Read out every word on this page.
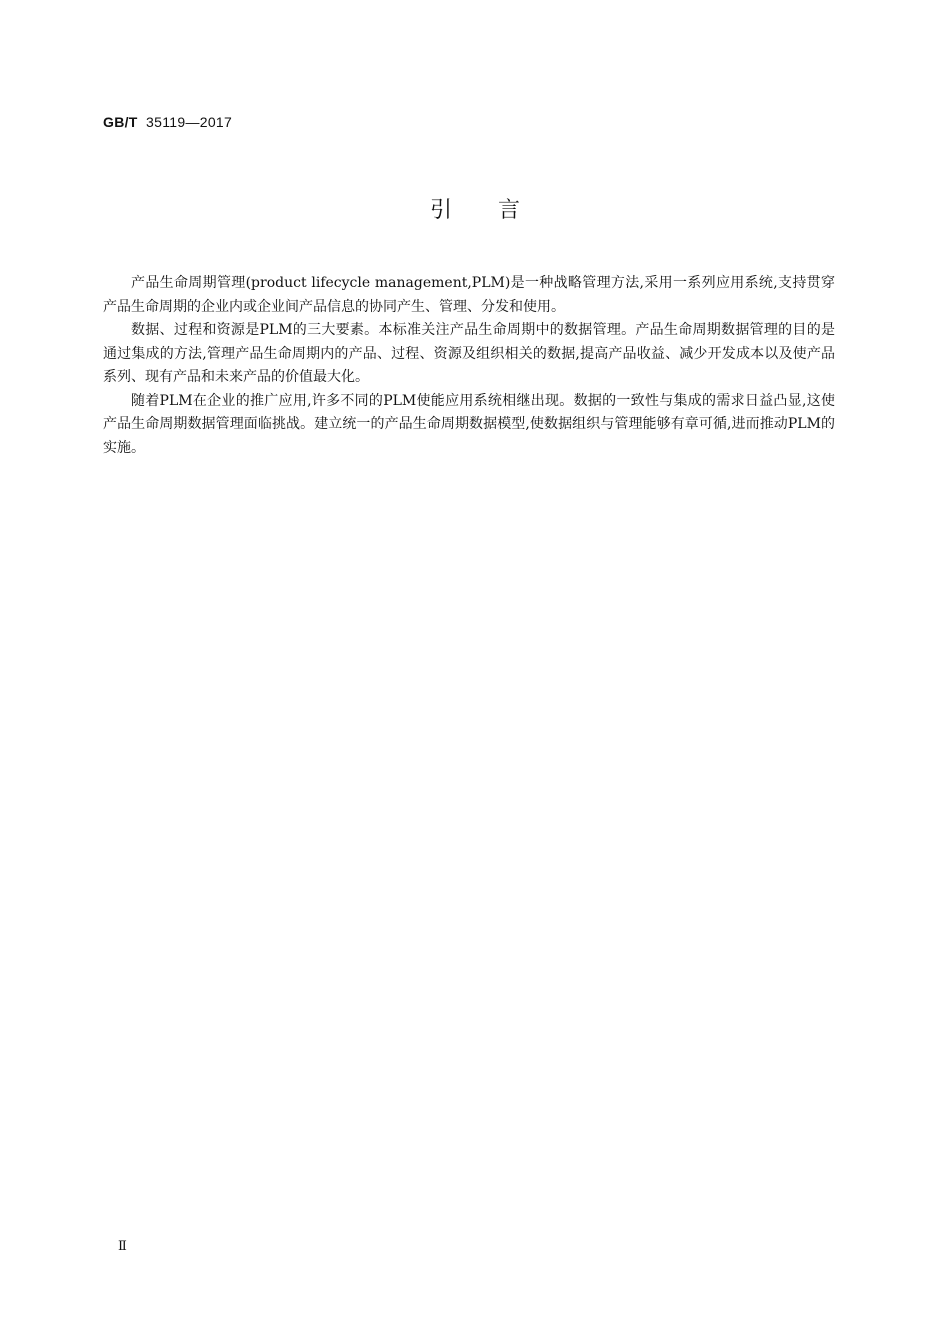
GB/T 35119—2017
引言

产品生命周期管理(product lifecycle management,PLM)是一种战略管理方法,采用一系列应用系统,支持贯穿产品生命周期的企业内或企业间产品信息的协同产生、管理、分发和使用。

数据、过程和资源是PLM的三大要素。本标准关注产品生命周期中的数据管理。产品生命周期数据管理的目的是通过集成的方法,管理产品生命周期内的产品、过程、资源及组织相关的数据,提高产品收益、减少开发成本以及使产品系列、现有产品和未来产品的价值最大化。

随着PLM在企业的推广应用,许多不同的PLM使能应用系统相继出现。数据的一致性与集成的需求日益凸显,这使产品生命周期数据管理面临挑战。建立统一的产品生命周期数据模型,使数据组织与管理能够有章可循,进而推动PLM的实施。

Ⅱ
